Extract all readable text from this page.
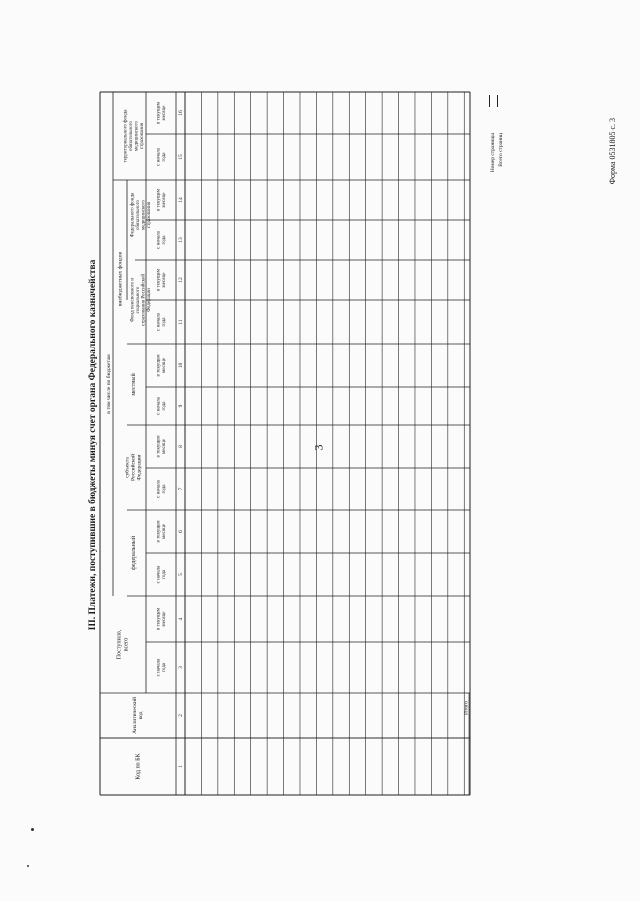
3
Форма 0531805 с. 3
III. Платежи, поступившие в бюджеты минуя счет органа Федерального казначейства
Номер страницы Всего страниц
Код по БК
Аналитическийкод
Поступило,всего
в том числе по бюджетам
федеральный
субъектаРоссийскойФедерации
местный
внебюджетных фондов Фонд пенсионного исоциальногострахования РоссийскойФедерации
Федерального фондаобязательногомедицинскогострахования
территориального фондаобязательногомедицинскогострахования
с началагода
в текущеммесяце
с началагода
в текущеммесяце
с началагода
в текущеммесяце
с началагода
в текущеммесяце
с началагода
в текущеммесяце
с началагода
в текущеммесяце
с началагода
в текущеммесяце
1
2
3
4
5
6
7
8
9
10
11
12
13
14
15
16
Итого
